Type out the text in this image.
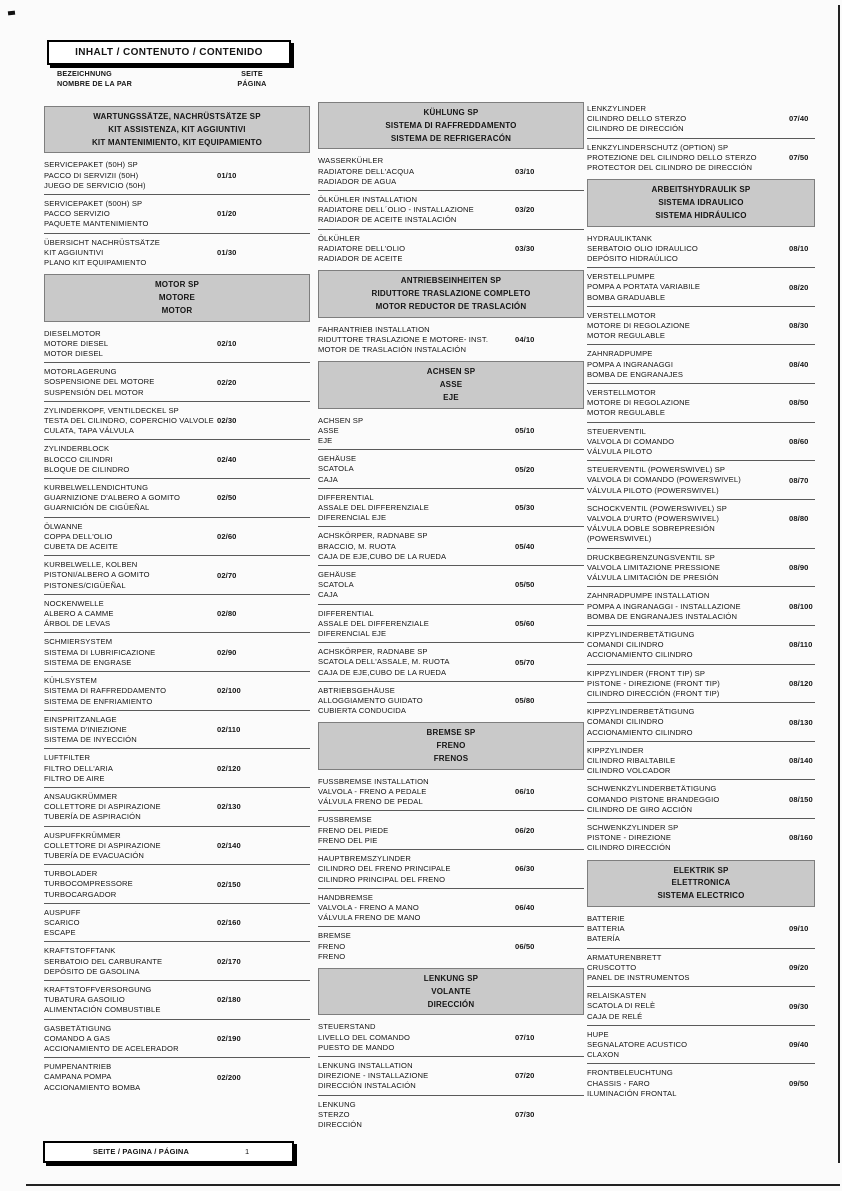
INHALT / CONTENUTO / CONTENIDO
BEZEICHNUNG
NOMBRE DE LA PAR
SEITE
PÁGINA
WARTUNGSSÄTZE, NACHRÜSTSÄTZE SP
KIT ASSISTENZA, KIT AGGIUNTIVI
KIT MANTENIMIENTO, KIT EQUIPAMIENTO
SERVICEPAKET (50H) SP
PACCO DI SERVIZII (50H)
JUEGO DE SERVICIO (50H)
01/10
SERVICEPAKET (500H) SP
PACCO SERVIZIO
PAQUETE MANTENIMIENTO
01/20
ÜBERSICHT NACHRÜSTSÄTZE
KIT AGGIUNTIVI
PLANO KIT EQUIPAMIENTO
01/30
MOTOR SP
MOTORE
MOTOR
DIESELMOTOR
MOTORE DIESEL
MOTOR DIESEL
02/10
MOTORLAGERUNG
SOSPENSIONE DEL MOTORE
SUSPENSIÓN DEL MOTOR
02/20
ZYLINDERKOPF, VENTILDECKEL SP
TESTA DEL CILINDRO, COPERCHIO VALVOLE
CULATA, TAPA VÁLVULA
02/30
ZYLINDERBLOCK
BLOCCO CILINDRI
BLOQUE DE CILINDRO
02/40
KURBELWELLENDICHTUNG
GUARNIZIONE D'ALBERO A GOMITO
GUARNICIÓN DE CIGÜEÑAL
02/50
ÖLWANNE
COPPA DELL'OLIO
CUBETA DE ACEITE
02/60
KURBELWELLE, KOLBEN
PISTONI/ALBERO A GOMITO
PISTONES/CIGÜEÑAL
02/70
NOCKENWELLE
ALBERO A CAMME
ÁRBOL DE LEVAS
02/80
SCHMIERSYSTEM
SISTEMA DI LUBRIFICAZIONE
SISTEMA DE ENGRASE
02/90
KÜHLSYSTEM
SISTEMA DI RAFFREDDAMENTO
SISTEMA DE ENFRIAMIENTO
02/100
EINSPRITZANLAGE
SISTEMA D'INIEZIONE
SISTEMA DE INYECCIÓN
02/110
LUFTFILTER
FILTRO DELL'ARIA
FILTRO DE AIRE
02/120
ANSAUGKRÜMMER
COLLETTORE DI ASPIRAZIONE
TUBERÍA DE ASPIRACIÓN
02/130
AUSPUFFKRÜMMER
COLLETTORE DI ASPIRAZIONE
TUBERÍA DE EVACUACIÓN
02/140
TURBOLADER
TURBOCOMPRESSORE
TURBOCARGADOR
02/150
AUSPUFF
SCARICO
ESCAPE
02/160
KRAFTSTOFFTANK
SERBATOIO DEL CARBURANTE
DEPÓSITO DE GASOLINA
02/170
KRAFTSTOFFVERSORGUNG
TUBATURA GASOILIO
ALIMENTACIÓN COMBUSTIBLE
02/180
GASBETÄTIGUNG
COMANDO A GAS
ACCIONAMIENTO DE ACELERADOR
02/190
PUMPENANTRIEB
CAMPANA POMPA
ACCIONAMIENTO BOMBA
02/200
KÜHLUNG SP
SISTEMA DI RAFFREDDAMENTO
SISTEMA DE REFRIGERACÓN
WASSERKÜHLER
RADIATORE DELL'ACQUA
RADIADOR DE AGUA
03/10
ÖLKÜHLER INSTALLATION
RADIATORE DELL´OLIO - INSTALLAZIONE
RADIADOR DE ACEITE INSTALACIÓN
03/20
ÖLKÜHLER
RADIATORE DELL'OLIO
RADIADOR DE ACEITE
03/30
ANTRIEBSEINHEITEN SP
RIDUTTORE TRASLAZIONE COMPLETO
MOTOR REDUCTOR DE TRASLACIÓN
FAHRANTRIEB INSTALLATION
RIDUTTORE TRASLAZIONE E MOTORE- INST.
MOTOR DE TRASLACIÓN INSTALACIÓN
04/10
ACHSEN SP
ASSE
EJE
ACHSEN SP
ASSE
EJE
05/10
GEHÄUSE
SCATOLA
CAJA
05/20
DIFFERENTIAL
ASSALE DEL DIFFERENZIALE
DIFERENCIAL EJE
05/30
ACHSKÖRPER, RADNABE SP
BRACCIO, M. RUOTA
CAJA DE EJE,CUBO DE LA RUEDA
05/40
GEHÄUSE
SCATOLA
CAJA
05/50
DIFFERENTIAL
ASSALE DEL DIFFERENZIALE
DIFERENCIAL EJE
05/60
ACHSKÖRPER, RADNABE SP
SCATOLA DELL'ASSALE, M. RUOTA
CAJA DE EJE,CUBO DE LA RUEDA
05/70
ABTRIEBSGEHÄUSE
ALLOGGIAMENTO GUIDATO
CUBIERTA CONDUCIDA
05/80
BREMSE SP
FRENO
FRENOS
FUSSBREMSE INSTALLATION
VALVOLA - FRENO A PEDALE
VÁLVULA FRENO DE PEDAL
06/10
FUSSBREMSE
FRENO DEL PIEDE
FRENO DEL PIE
06/20
HAUPTBREMSZYLINDER
CILINDRO DEL FRENO PRINCIPALE
CILINDRO PRINCIPAL DEL FRENO
06/30
HANDBREMSE
VALVOLA - FRENO A MANO
VÁLVULA FRENO DE MANO
06/40
BREMSE
FRENO
FRENO
06/50
LENKUNG SP
VOLANTE
DIRECCIÓN
STEUERSTAND
LIVELLO DEL COMANDO
PUESTO DE MANDO
07/10
LENKUNG INSTALLATION
DIREZIONE - INSTALLAZIONE
DIRECCIÓN INSTALACIÓN
07/20
LENKUNG
STERZO
DIRECCIÓN
07/30
LENKZYLINDER
CILINDRO DELLO STERZO
CILINDRO DE DIRECCIÓN
07/40
LENKZYLINDERSCHUTZ (OPTION) SP
PROTEZIONE DEL CILINDRO DELLO STERZO
PROTECTOR DEL CILINDRO DE DIRECCIÓN
07/50
ARBEITSHYDRAULIK SP
SISTEMA IDRAULICO
SISTEMA HIDRÁULICO
HYDRAULIKTANK
SERBATOIO OLIO IDRAULICO
DEPÓSITO HIDRAÚLICO
08/10
VERSTELLPUMPE
POMPA A PORTATA VARIABILE
BOMBA GRADUABLE
08/20
VERSTELLMOTOR
MOTORE DI REGOLAZIONE
MOTOR REGULABLE
08/30
ZAHNRADPUMPE
POMPA A INGRANAGGI
BOMBA DE ENGRANAJES
08/40
VERSTELLMOTOR
MOTORE DI REGOLAZIONE
MOTOR REGULABLE
08/50
STEUERVENTIL
VALVOLA DI COMANDO
VÁLVULA PILOTO
08/60
STEUERVENTIL (POWERSWIVEL) SP
VALVOLA DI COMANDO (POWERSWIVEL)
VÁLVULA PILOTO (POWERSWIVEL)
08/70
SCHOCKVENTIL (POWERSWIVEL) SP
VALVOLA D'URTO (POWERSWIVEL)
VÁLVULA DOBLE SOBREPRESIÓN
(POWERSWIVEL)
08/80
DRUCKBEGRENZUNGSVENTIL SP
VALVOLA LIMITAZIONE PRESSIONE
VÁLVULA LIMITACIÓN DE PRESIÓN
08/90
ZAHNRADPUMPE INSTALLATION
POMPA A INGRANAGGI - INSTALLAZIONE
BOMBA DE ENGRANAJES INSTALACIÓN
08/100
KIPPZYLINDERBETÄTIGUNG
COMANDI CILINDRO
ACCIONAMIENTO CILINDRO
08/110
KIPPZYLINDER (FRONT TIP) SP
PISTONE - DIREZIONE (FRONT TIP)
CILINDRO DIRECCIÓN (FRONT TIP)
08/120
KIPPZYLINDERBETÄTIGUNG
COMANDI CILINDRO
ACCIONAMIENTO CILINDRO
08/130
KIPPZYLINDER
CILINDRO RIBALTABILE
CILINDRO VOLCADOR
08/140
SCHWENKZYLINDERBETÄTIGUNG
COMANDO PISTONE BRANDEGGIO
CILINDRO DE GIRO ACCIÓN
08/150
SCHWENKZYLINDER SP
PISTONE - DIREZIONE
CILINDRO DIRECCIÓN
08/160
ELEKTRIK SP
ELETTRONICA
SISTEMA ELECTRICO
BATTERIE
BATTERIA
BATERÍA
09/10
ARMATURENBRETT
CRUSCOTTO
PANEL DE INSTRUMENTOS
09/20
RELAISKASTEN
SCATOLA DI RELÈ
CAJA DE RELÉ
09/30
HUPE
SEGNALATORE ACUSTICO
CLAXON
09/40
FRONTBELEUCHTUNG
CHASSIS - FARO
ILUMINACIÓN FRONTAL
09/50
SEITE / PAGINA / PÁGINA	1
